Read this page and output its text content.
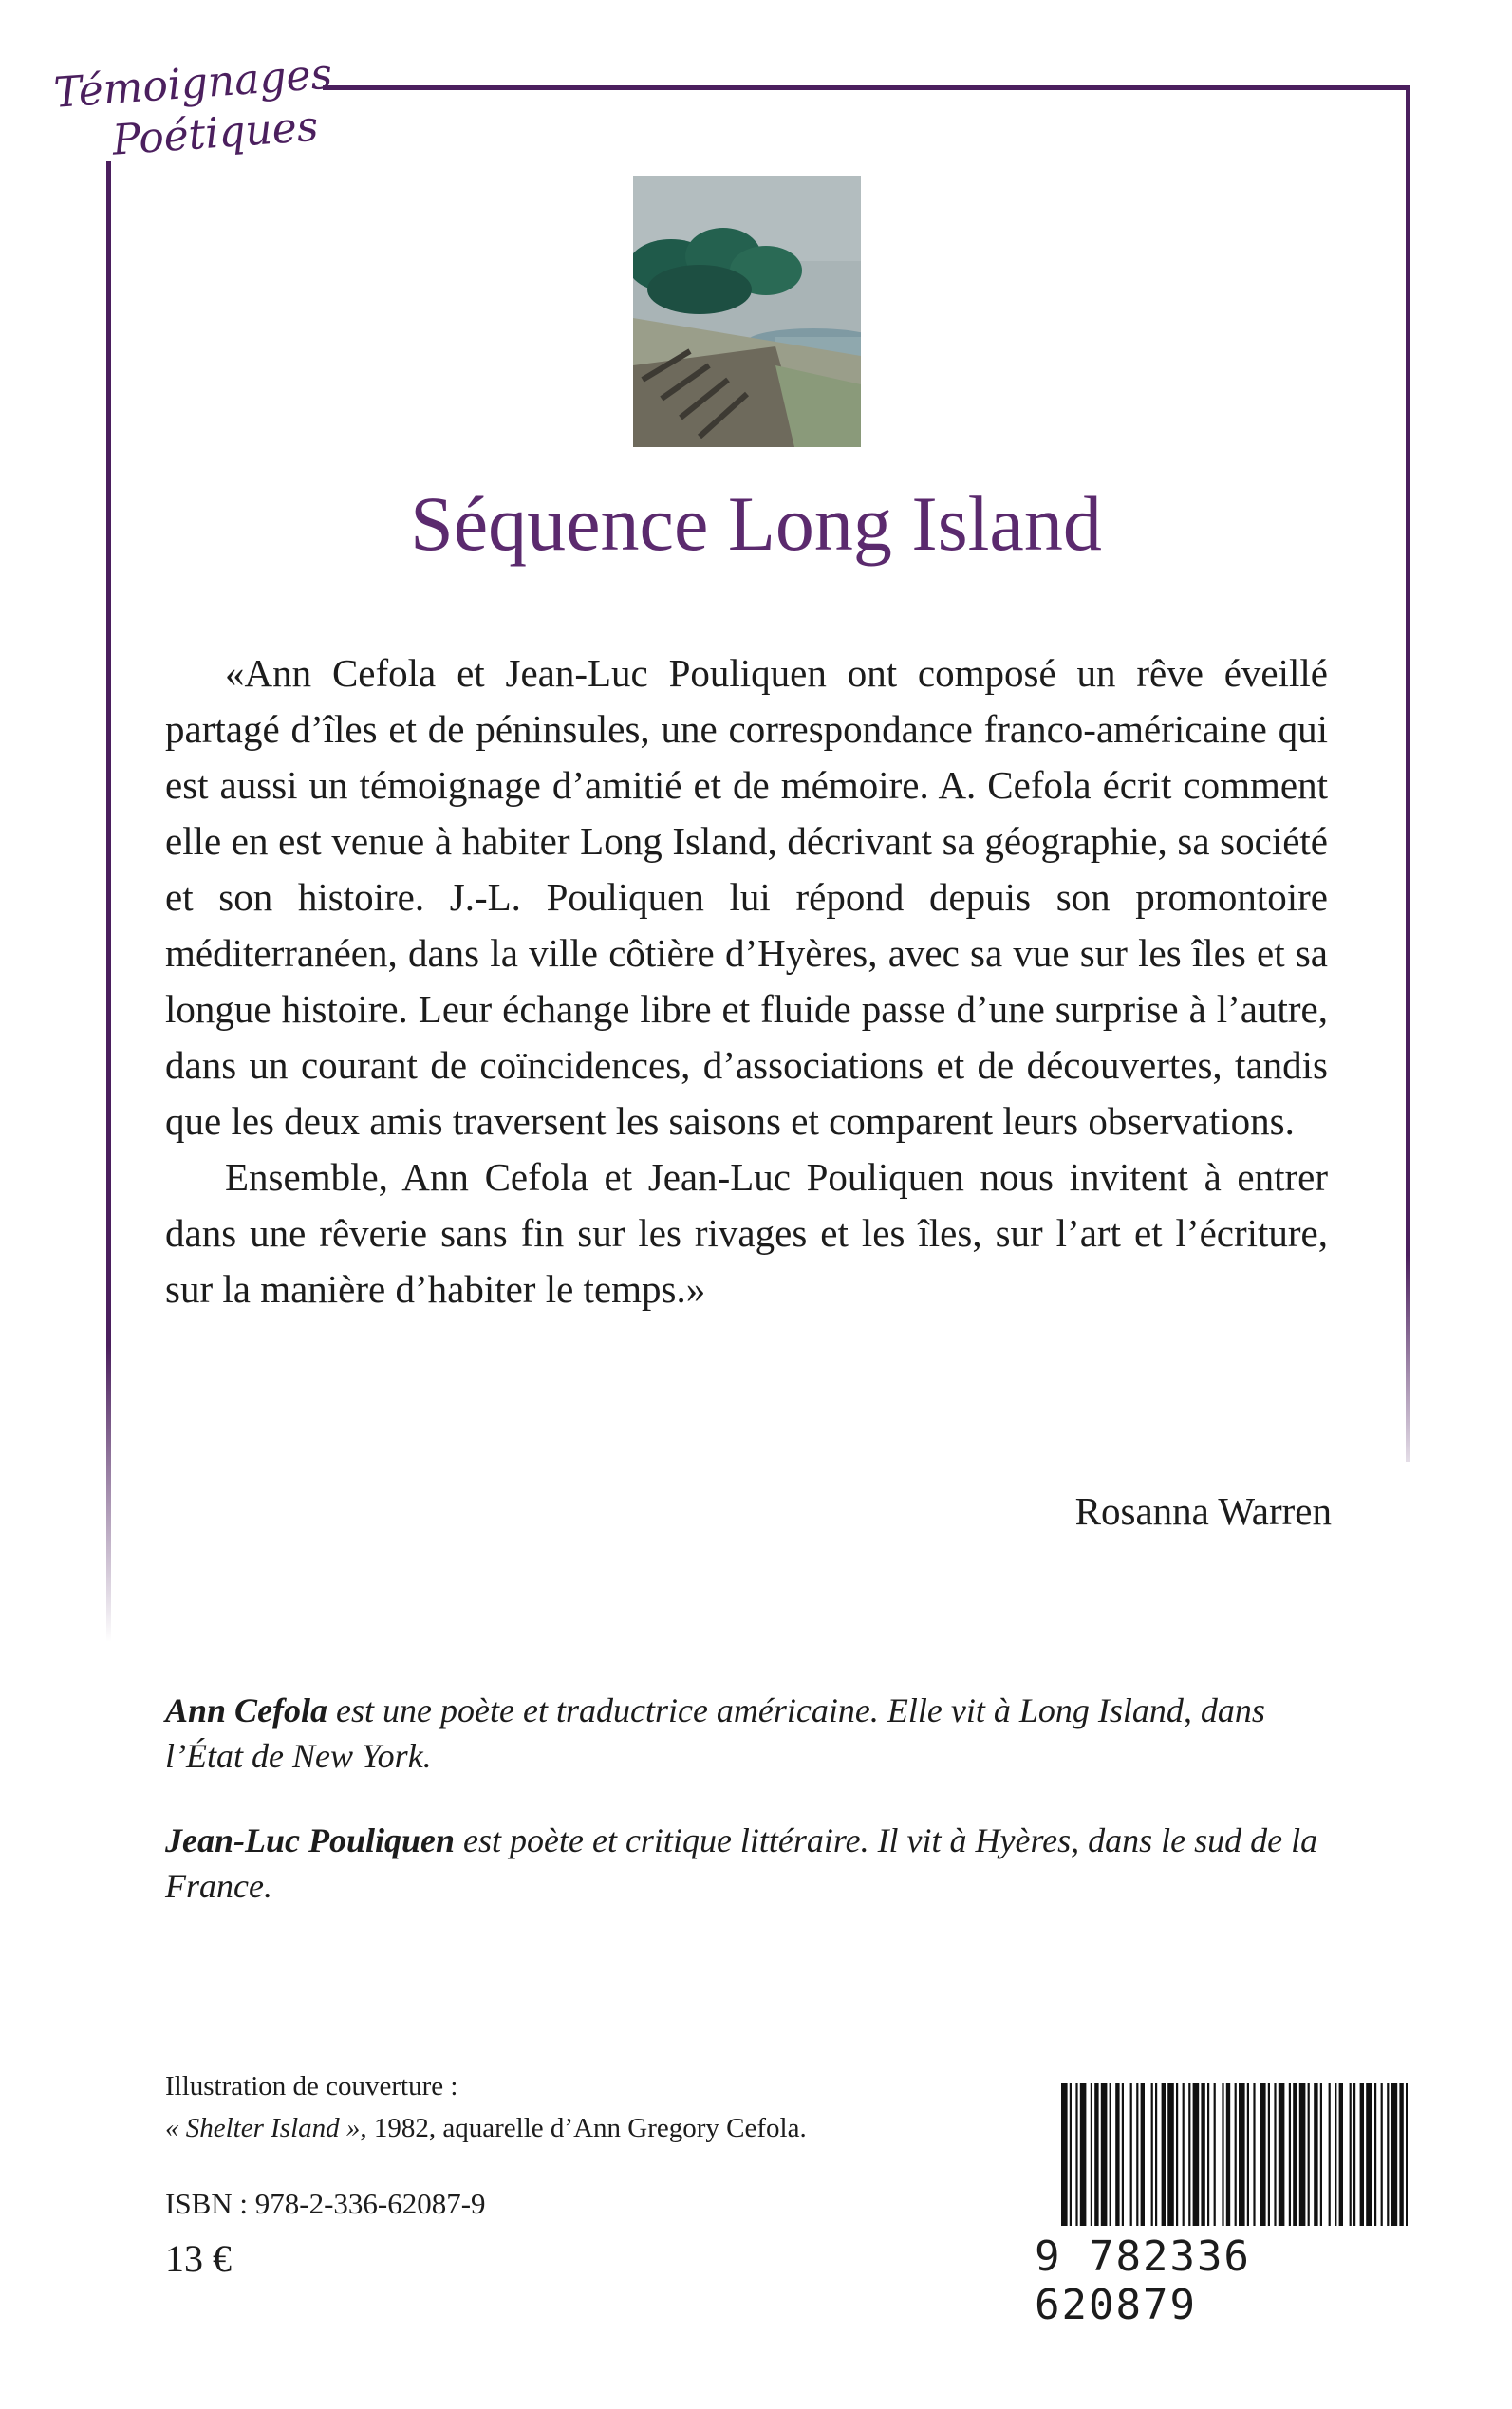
Témoignages
Poétiques
Séquence Long Island

«Ann Cefola et Jean-Luc Pouliquen ont composé un rêve éveillé partagé d’îles et de péninsules, une correspondance franco-américaine qui est aussi un témoignage d’amitié et de mémoire. A. Cefola écrit comment elle en est venue à habiter Long Island, décrivant sa géographie, sa société et son histoire. J.-L. Pouliquen lui répond depuis son promontoire méditerranéen, dans la ville côtière d’Hyères, avec sa vue sur les îles et sa longue histoire. Leur échange libre et fluide passe d’une surprise à l’autre, dans un courant de coïncidences, d’associations et de découvertes, tandis que les deux amis traversent les saisons et comparent leurs observations.

Ensemble, Ann Cefola et Jean-Luc Pouliquen nous invitent à entrer dans une rêverie sans fin sur les rivages et les îles, sur l’art et l’écriture, sur la manière d’habiter le temps.»

Rosanna Warren
Ann Cefola est une poète et traductrice américaine. Elle vit à Long Island, dans l’État de New York.
Jean-Luc Pouliquen est poète et critique littéraire. Il vit à Hyères, dans le sud de la France.
Illustration de couverture :
« Shelter Island », 1982, aquarelle d’Ann Gregory Cefola.
ISBN : 978-2-336-62087-9
13 €	9 782336 620879
